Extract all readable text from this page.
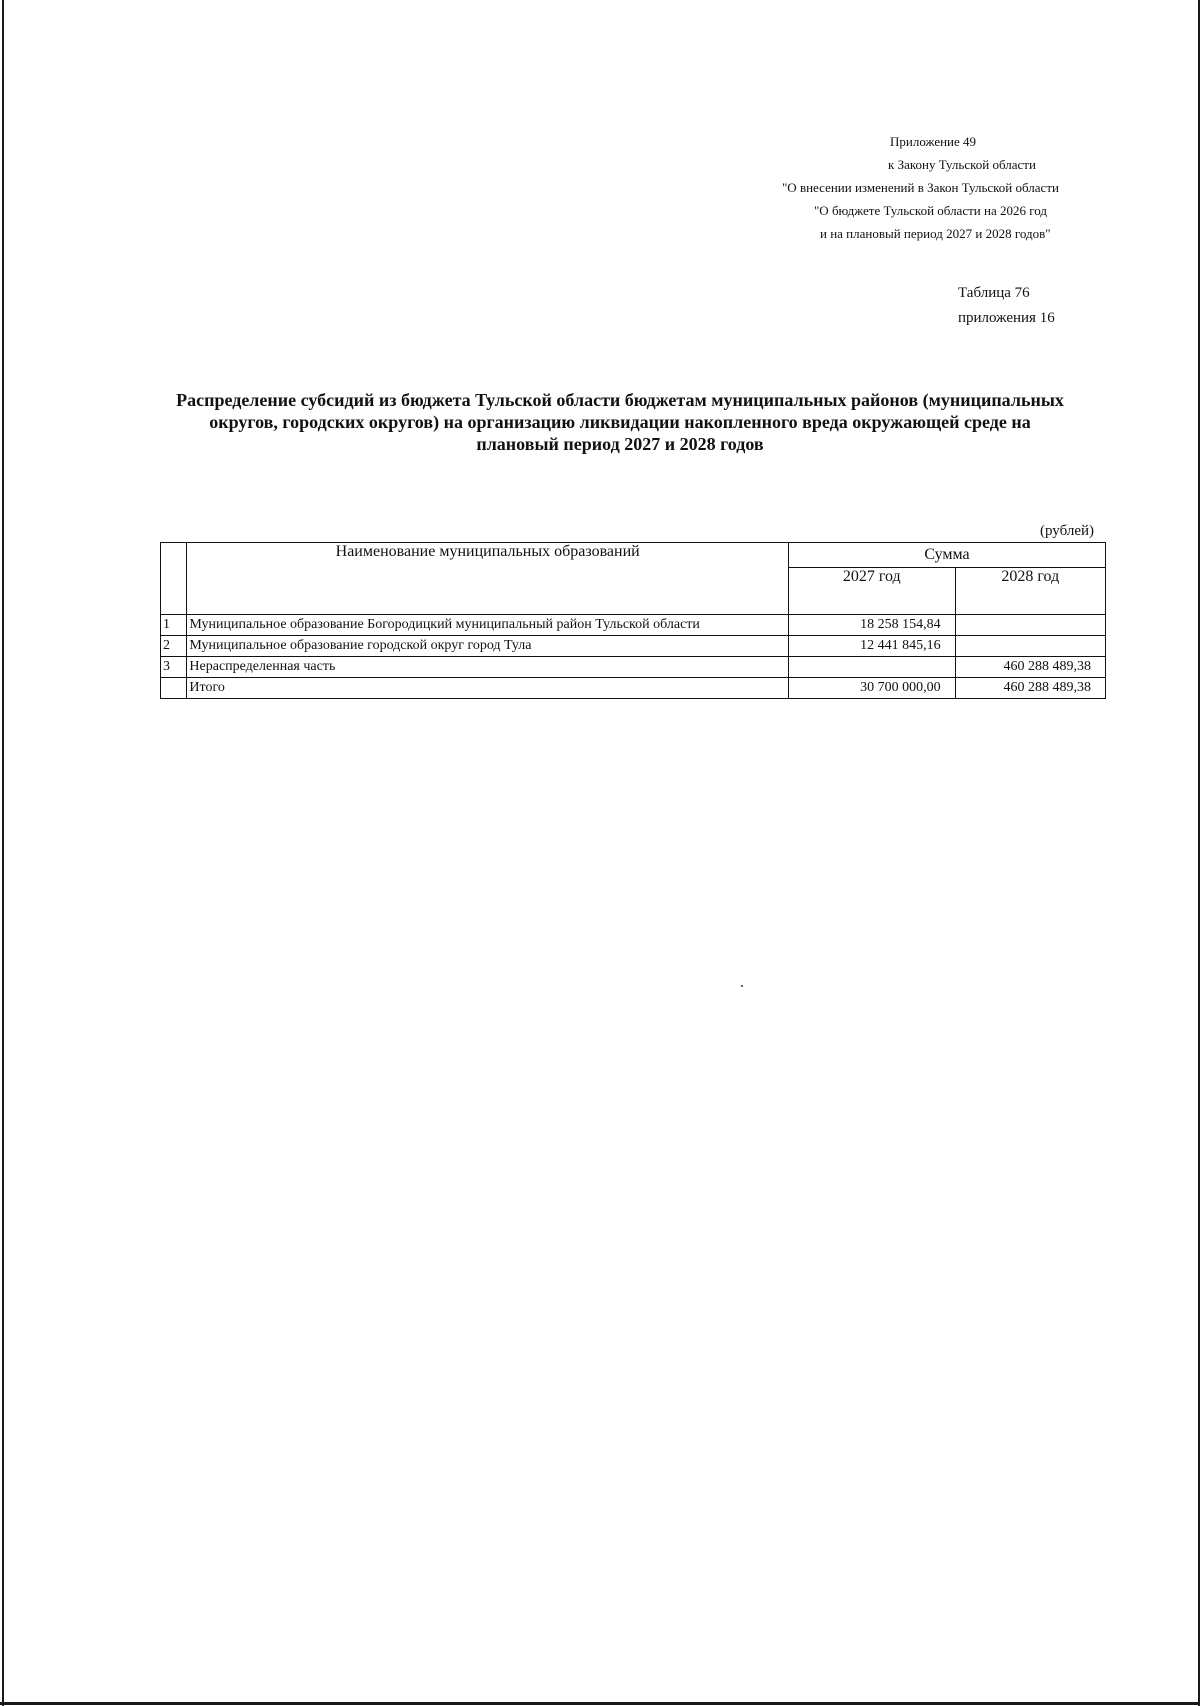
Приложение 49
к Закону Тульской области
"О внесении изменений в Закон Тульской области
"О бюджете Тульской области на 2026 год
и на плановый период 2027 и 2028 годов"
Таблица 76
приложения 16
Распределение субсидий из бюджета Тульской области бюджетам муниципальных районов (муниципальных
округов, городских округов) на организацию ликвидации накопленного вреда окружающей среде на
плановый период 2027 и 2028 годов
(рублей)
	Наименование муниципальных образований	Сумма	
		2027 год	2028 год
1	Муниципальное образование Богородицкий муниципальный район Тульской области	18 258 154,84	
2	Муниципальное образование городской округ город Тула	12 441 845,16	
3	Нераспределенная часть		460 288 489,38
	Итого	30 700 000,00	460 288 489,38
